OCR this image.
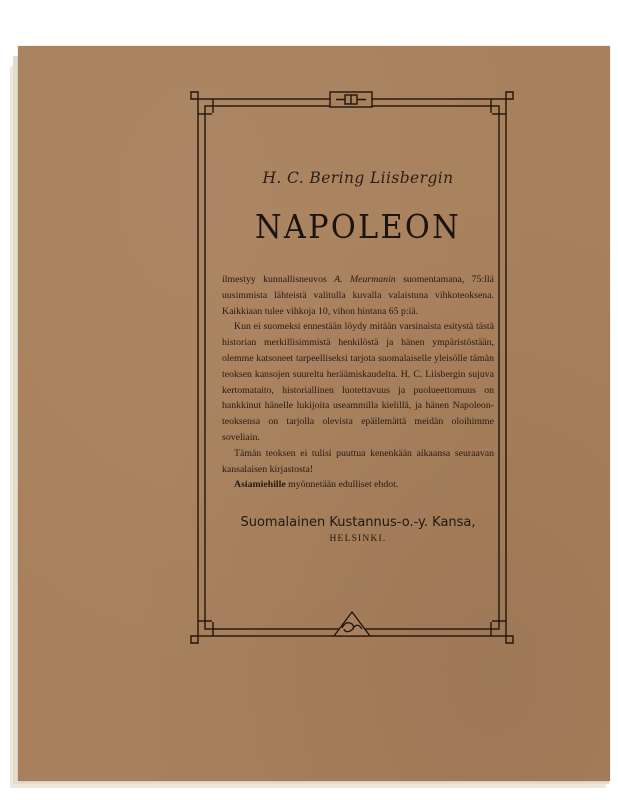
H. C. Bering Liisbergin
NAPOLEON

ilmestyy kunnallisneuvos A. Meurmanin suomentamana, 75:llä uusimmista lähteistä valitulla kuvalla valaistuna vihkoteoksena. Kaikkiaan tulee vihkoja 10, vihon hintana 65 p:iä.

Kun ei suomeksi ennestään löydy mitään varsinaista esitystä tästä historian merkillisimmistä henkilöstä ja hänen ympäristöstään, olemme katsoneet tarpeelliseksi tarjota suomalaiselle yleisölle tämän teoksen kansojen suurelta heräämiskaudelta. H. C. Liisbergin sujuva kertomataito, historiallinen luotettavuus ja puolueettomuus on hankkinut hänelle lukijoita useammilla kielillä, ja hänen Napoleon-teoksensa on tarjolla olevista epäilemättä meidän oloihimme soveliain.

Tämän teoksen ei tulisi puuttua kenenkään aikaansa seuraavan kansalaisen kirjastosta!

Asiamiehille myönnetään edulliset ehdot.

Suomalainen Kustannus-o.-y. Kansa,
HELSINKI.
